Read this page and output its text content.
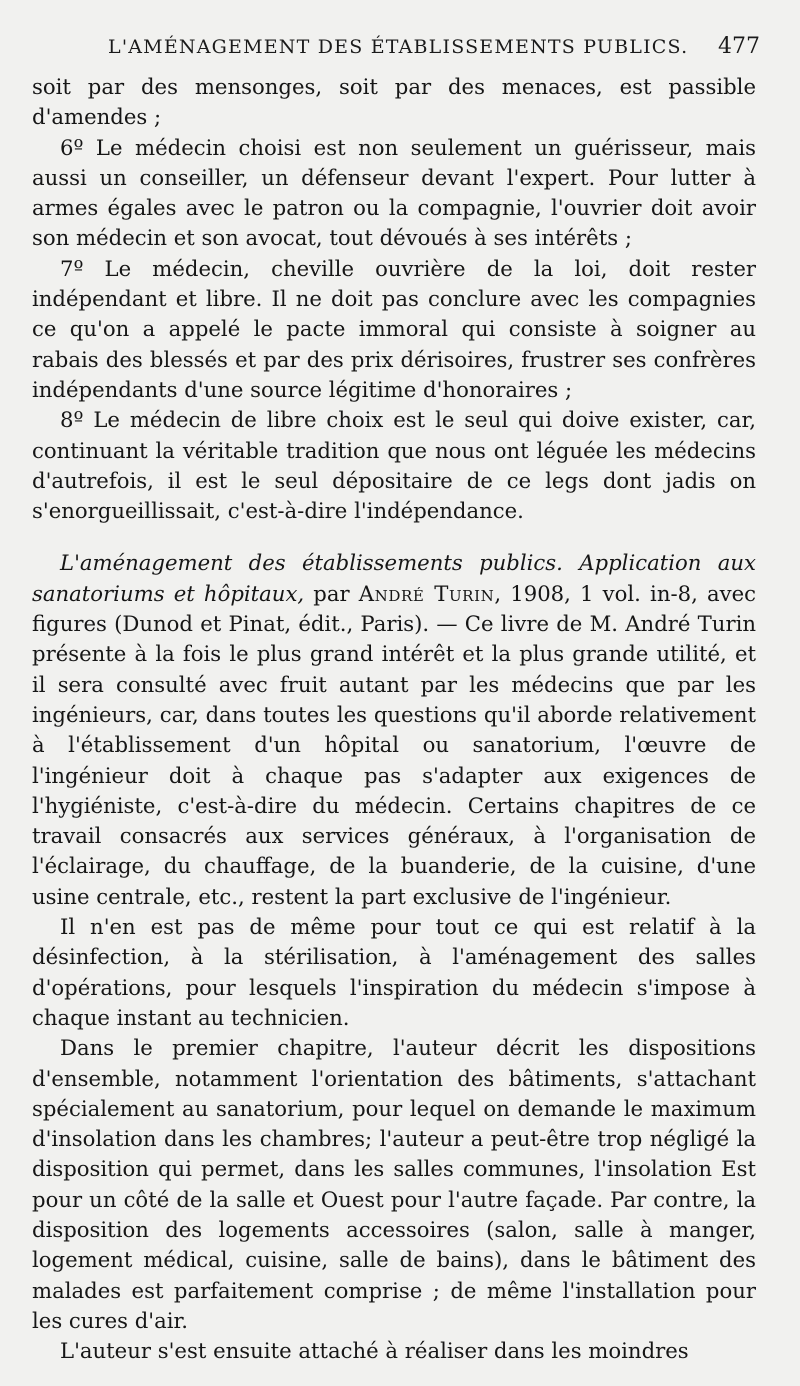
L'AMÉNAGEMENT DES ÉTABLISSEMENTS PUBLICS. 477

soit par des mensonges, soit par des menaces, est passible d'amendes ;

6º Le médecin choisi est non seulement un guérisseur, mais aussi un conseiller, un défenseur devant l'expert. Pour lutter à armes égales avec le patron ou la compagnie, l'ouvrier doit avoir son médecin et son avocat, tout dévoués à ses intérêts ;

7º Le médecin, cheville ouvrière de la loi, doit rester indépendant et libre. Il ne doit pas conclure avec les compagnies ce qu'on a appelé le pacte immoral qui consiste à soigner au rabais des blessés et par des prix dérisoires, frustrer ses confrères indépendants d'une source légitime d'honoraires ;

8º Le médecin de libre choix est le seul qui doive exister, car, continuant la véritable tradition que nous ont léguée les médecins d'autrefois, il est le seul dépositaire de ce legs dont jadis on s'enorgueillissait, c'est-à-dire l'indépendance.

L'aménagement des établissements publics. Application aux sanatoriums et hôpitaux, par André Turin, 1908, 1 vol. in-8, avec figures (Dunod et Pinat, édit., Paris). — Ce livre de M. André Turin présente à la fois le plus grand intérêt et la plus grande utilité, et il sera consulté avec fruit autant par les médecins que par les ingénieurs, car, dans toutes les questions qu'il aborde relativement à l'établissement d'un hôpital ou sanatorium, l'œuvre de l'ingénieur doit à chaque pas s'adapter aux exigences de l'hygiéniste, c'est-à-dire du médecin. Certains chapitres de ce travail consacrés aux services généraux, à l'organisation de l'éclairage, du chauffage, de la buanderie, de la cuisine, d'une usine centrale, etc., restent la part exclusive de l'ingénieur.

Il n'en est pas de même pour tout ce qui est relatif à la désinfection, à la stérilisation, à l'aménagement des salles d'opérations, pour lesquels l'inspiration du médecin s'impose à chaque instant au technicien.

Dans le premier chapitre, l'auteur décrit les dispositions d'ensemble, notamment l'orientation des bâtiments, s'attachant spécialement au sanatorium, pour lequel on demande le maximum d'insolation dans les chambres; l'auteur a peut-être trop négligé la disposition qui permet, dans les salles communes, l'insolation Est pour un côté de la salle et Ouest pour l'autre façade. Par contre, la disposition des logements accessoires (salon, salle à manger, logement médical, cuisine, salle de bains), dans le bâtiment des malades est parfaitement comprise ; de même l'installation pour les cures d'air.

L'auteur s'est ensuite attaché à réaliser dans les moindres
